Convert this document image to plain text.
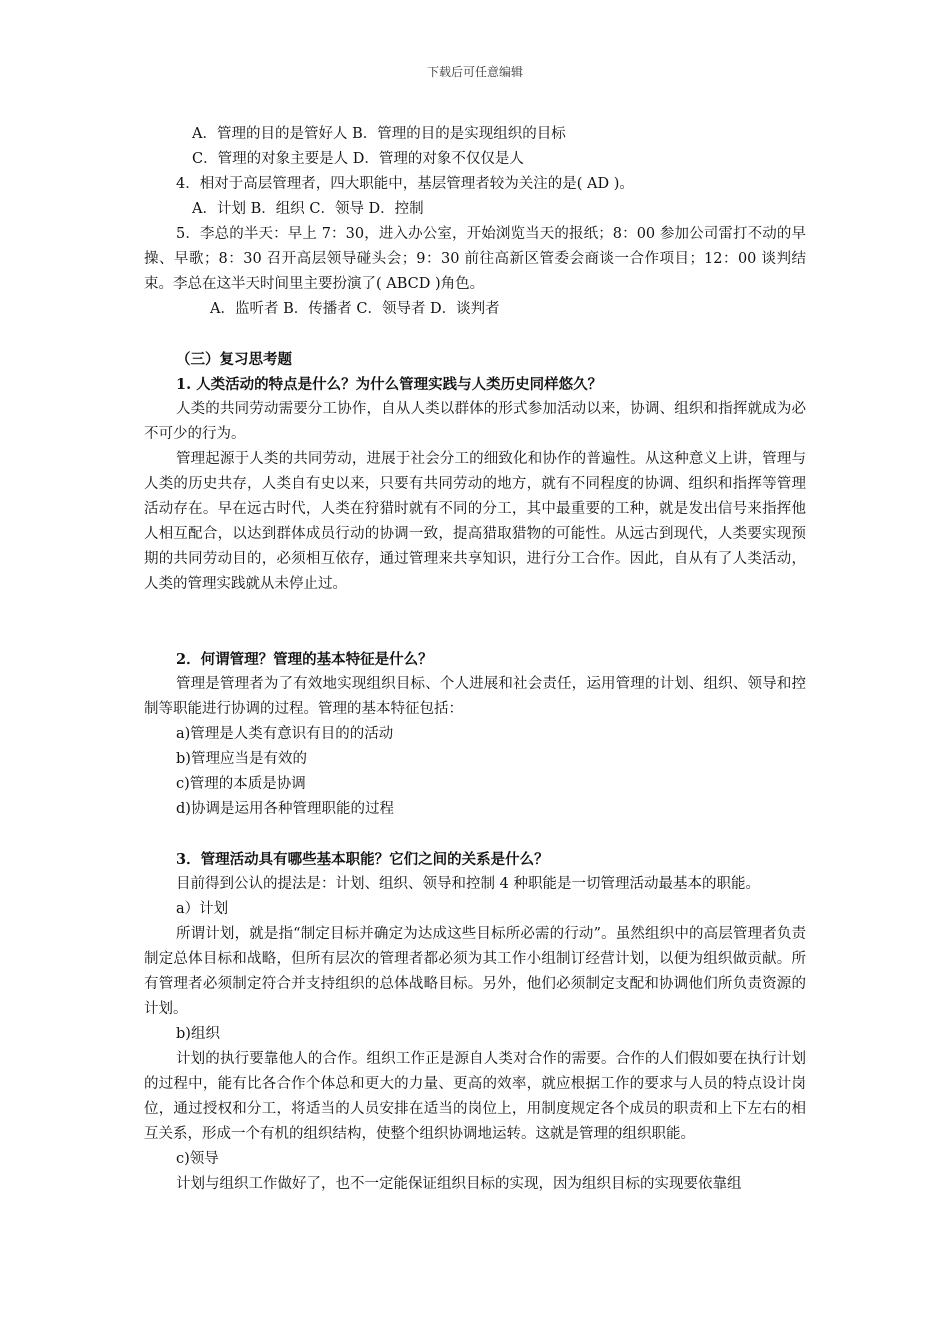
下载后可任意编辑

A．管理的目的是管好人 B．管理的目的是实现组织的目标

C．管理的对象主要是人 D．管理的对象不仅仅是人

4．相对于高层管理者，四大职能中，基层管理者较为关注的是( AD )。

A．计划 B．组织 C．领导 D．控制

5．李总的半天：早上 7：30，进入办公室，开始浏览当天的报纸；8：00 参加公司雷打不动的早操、早歌；8：30 召开高层领导碰头会；9：30 前往高新区管委会商谈一合作项目；12：00 谈判结束。李总在这半天时间里主要扮演了( ABCD )角色。

A．监听者 B．传播者 C．领导者 D．谈判者

（三）复习思考题

1. 人类活动的特点是什么？为什么管理实践与人类历史同样悠久？

人类的共同劳动需要分工协作，自从人类以群体的形式参加活动以来，协调、组织和指挥就成为必不可少的行为。

管理起源于人类的共同劳动，进展于社会分工的细致化和协作的普遍性。从这种意义上讲，管理与人类的历史共存，人类自有史以来，只要有共同劳动的地方，就有不同程度的协调、组织和指挥等管理活动存在。早在远古时代，人类在狩猎时就有不同的分工，其中最重要的工种，就是发出信号来指挥他人相互配合，以达到群体成员行动的协调一致，提高猎取猎物的可能性。从远古到现代，人类要实现预期的共同劳动目的，必须相互依存，通过管理来共享知识，进行分工合作。因此，自从有了人类活动，人类的管理实践就从未停止过。

2．何谓管理？管理的基本特征是什么？

管理是管理者为了有效地实现组织目标、个人进展和社会责任，运用管理的计划、组织、领导和控制等职能进行协调的过程。管理的基本特征包括：

a)管理是人类有意识有目的的活动

b)管理应当是有效的

c)管理的本质是协调

d)协调是运用各种管理职能的过程

3．管理活动具有哪些基本职能？它们之间的关系是什么？

目前得到公认的提法是：计划、组织、领导和控制 4 种职能是一切管理活动最基本的职能。

a）计划

所谓计划，就是指“制定目标并确定为达成这些目标所必需的行动”。虽然组织中的高层管理者负责制定总体目标和战略，但所有层次的管理者都必须为其工作小组制订经营计划，以便为组织做贡献。所有管理者必须制定符合并支持组织的总体战略目标。另外，他们必须制定支配和协调他们所负责资源的计划。

b)组织

计划的执行要靠他人的合作。组织工作正是源自人类对合作的需要。合作的人们假如要在执行计划的过程中，能有比各合作个体总和更大的力量、更高的效率，就应根据工作的要求与人员的特点设计岗位，通过授权和分工，将适当的人员安排在适当的岗位上，用制度规定各个成员的职责和上下左右的相互关系，形成一个有机的组织结构，使整个组织协调地运转。这就是管理的组织职能。

c)领导

计划与组织工作做好了，也不一定能保证组织目标的实现，因为组织目标的实现要依靠组
